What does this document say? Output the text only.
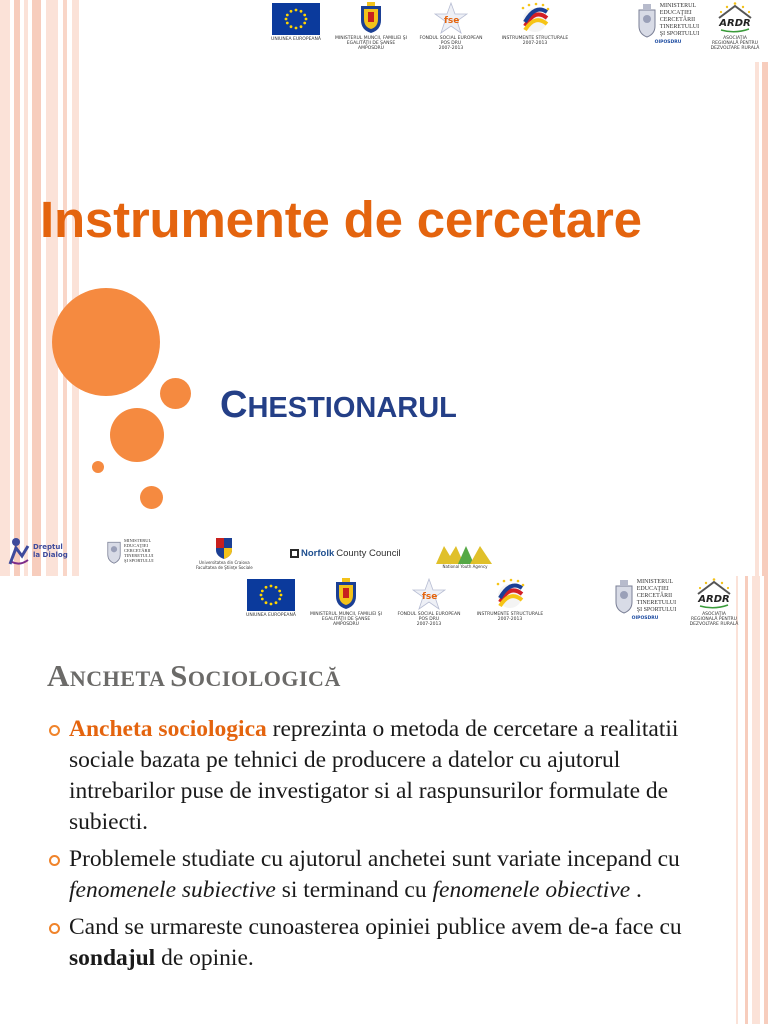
UNIUNEA EUROPEANĂ	MINISTERUL MUNCII, FAMILIEI ŞI
EGALITĂŢII DE ŞANSE
AMPOSDRU
fse
FONDUL SOCIAL EUROPEAN
POS DRU
2007-2013
INSTRUMENTE STRUCTURALE
2007-2013
MINISTERUL
EDUCAŢIEI
CERCETĂRII
TINERETULUI
ŞI SPORTULUI
OIPOSDRU
ARDR
ASOCIAŢIA
REGIONALĂ PENTRU
DEZVOLTARE RURALĂ
Instrumente de cercetare
CHESTIONARUL
Dreptul
la Dialog
MINISTERUL
EDUCAŢIEI
CERCETĂRII
TINERETULUI
ŞI SPORTULUI	Universitatea din Craiova
Facultatea de Ştiinţe Sociale
Norfolk County Council
National Youth Agency
UNIUNEA EUROPEANĂ	MINISTERUL MUNCII, FAMILIEI ŞI
EGALITĂŢII DE ŞANSE
AMPOSDRU
fse
FONDUL SOCIAL EUROPEAN
POS DRU
2007-2013
INSTRUMENTE STRUCTURALE
2007-2013
MINISTERUL
EDUCAŢIEI
CERCETĂRII
TINERETULUI
ŞI SPORTULUI
OIPOSDRU
ARDR
ASOCIAŢIA
REGIONALĂ PENTRU
DEZVOLTARE RURALĂ
ANCHETA SOCIOLOGICĂ
Ancheta sociologica reprezinta o metoda de cercetare a realitatii sociale bazata pe tehnici de producere a datelor cu ajutorul intrebarilor puse de investigator si al raspunsurilor formulate de subiecti.
Problemele studiate cu ajutorul anchetei sunt variate incepand cu fenomenele subiective si terminand cu fenomenele obiective .
Cand se urmareste cunoasterea opiniei publice avem de-a face cu sondajul de opinie.
